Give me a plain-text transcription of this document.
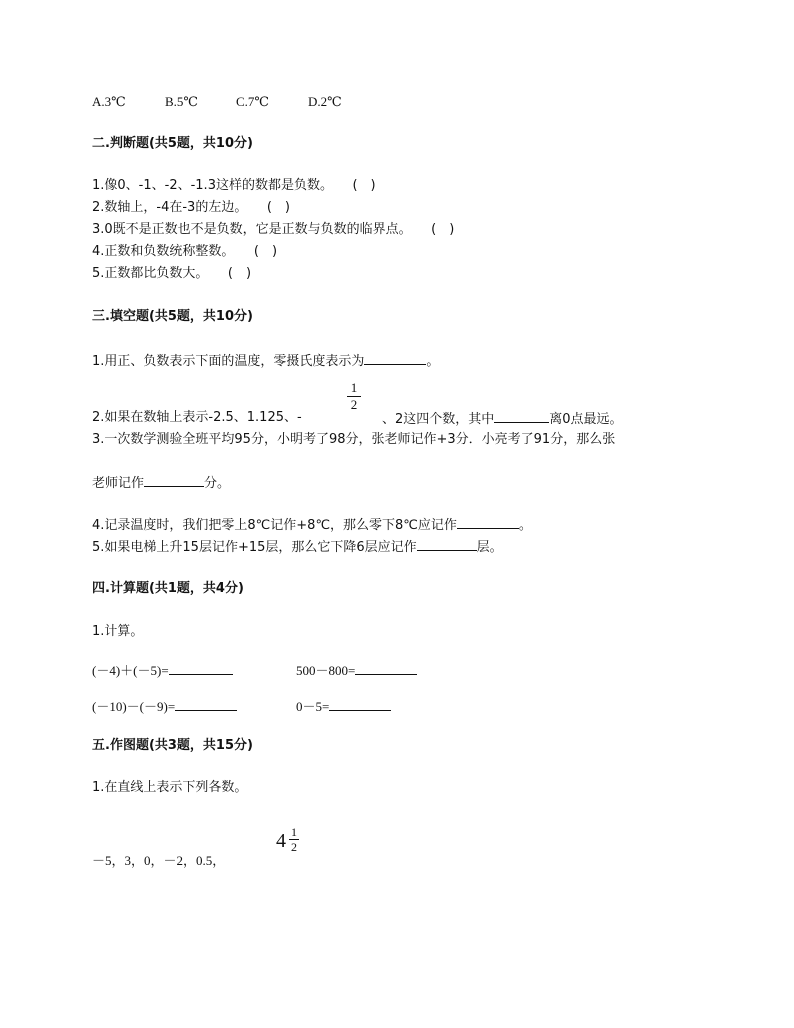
A.3℃	B.5℃	C.7℃	D.2℃
二.判断题(共5题，共10分)
1.像0、-1、-2、-1.3这样的数都是负数。　　(　)
2.数轴上，-4在-3的左边。　　(　)
3.0既不是正数也不是负数，它是正数与负数的临界点。　　(　)
4.正数和负数统称整数。　　(　)
5.正数都比负数大。　　(　)
三.填空题(共5题，共10分)
1.用正、负数表示下面的温度，零摄氏度表示为	。
1
2
2.如果在数轴上表示-2.5、1.125、-	、2这四个数，其中	离0点最远。
3.一次数学测验全班平均95分，小明考了98分，张老师记作+3分．小亮考了91分，那么张
老师记作	分。
4.记录温度时，我们把零上8℃记作+8℃，那么零下8℃应记作	。
5.如果电梯上升15层记作+15层，那么它下降6层应记作	层。
四.计算题(共1题，共4分)
1.计算。
(－4)＋(－5)=	500－800=
(－10)－(－9)=	0－5=
五.作图题(共3题，共15分)
1.在直线上表示下列各数。
4 1
2
－5，3，0，－2，0.5，
